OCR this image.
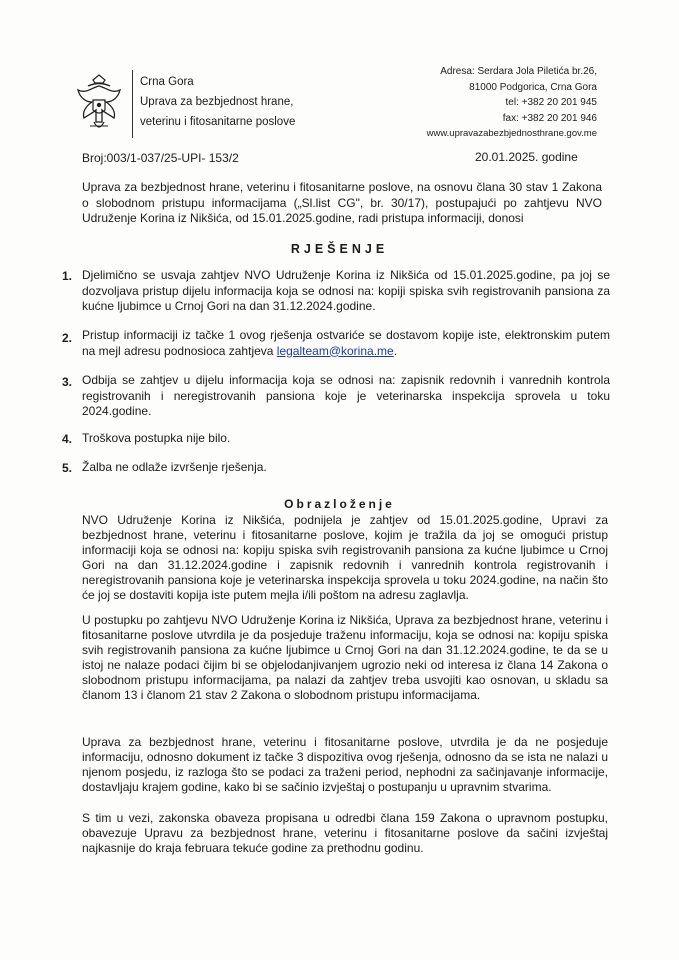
Crna Gora
Uprava za bezbjednost hrane,
veterinu i fitosanitarne poslove
Adresa: Serdara Jola Piletića br.26,
81000 Podgorica, Crna Gora
tel: +382 20 201 945
fax: +382 20 201 946
www.upravazabezbjednosthrane.gov.me
Broj:003/1-037/25-UPI- 153/2	20.01.2025. godine
Uprava za bezbjednost hrane, veterinu i fitosanitarne poslove, na osnovu člana 30 stav 1 Zakona o slobodnom pristupu informacijama („Sl.list CG", br. 30/17), postupajući po zahtjevu NVO Udruženje Korina iz Nikšića, od 15.01.2025.godine, radi pristupa informaciji, donosi
RJEŠENJE
1. Djelimično se usvaja zahtjev NVO Udruženje Korina iz Nikšića od 15.01.2025.godine, pa joj se dozvoljava pristup dijelu informacija koja se odnosi na: kopiji spiska svih registrovanih pansiona za kućne ljubimce u Crnoj Gori na dan 31.12.2024.godine.
2. Pristup informaciji iz tačke 1 ovog rješenja ostvariće se dostavom kopije iste, elektronskim putem na mejl adresu podnosioca zahtjeva legalteam@korina.me.
3. Odbija se zahtjev u dijelu informacija koja se odnosi na: zapisnik redovnih i vanrednih kontrola registrovanih i neregistrovanih pansiona koje je veterinarska inspekcija sprovela u toku 2024.godine.
4. Troškova postupka nije bilo.
5. Žalba ne odlaže izvršenje rješenja.
Obrazloženje
NVO Udruženje Korina iz Nikšića, podnijela je zahtjev od 15.01.2025.godine, Upravi za bezbjednost hrane, veterinu i fitosanitarne poslove, kojim je tražila da joj se omogući pristup informaciji koja se odnosi na: kopiju spiska svih registrovanih pansiona za kućne ljubimce u Crnoj Gori na dan 31.12.2024.godine i zapisnik redovnih i vanrednih kontrola registrovanih i neregistrovanih pansiona koje je veterinarska inspekcija sprovela u toku 2024.godine, na način što će joj se dostaviti kopija iste putem mejla i/ili poštom na adresu zaglavlja.
U postupku po zahtjevu NVO Udruženje Korina iz Nikšića, Uprava za bezbjednost hrane, veterinu i fitosanitarne poslove utvrdila je da posjeduje traženu informaciju, koja se odnosi na: kopiju spiska svih registrovanih pansiona za kućne ljubimce u Crnoj Gori na dan 31.12.2024.godine, te da se u istoj ne nalaze podaci čijim bi se objelodanjivanjem ugrozio neki od interesa iz člana 14 Zakona o slobodnom pristupu informacijama, pa nalazi da zahtjev treba usvojiti kao osnovan, u skladu sa članom 13 i članom 21 stav 2 Zakona o slobodnom pristupu informacijama.
Uprava za bezbjednost hrane, veterinu i fitosanitarne poslove, utvrdila je da ne posjeduje informaciju, odnosno dokument iz tačke 3 dispozitiva ovog rješenja, odnosno da se ista ne nalazi u njenom posjedu, iz razloga što se podaci za traženi period, nephodni za sačinjavanje informacije, dostavljaju krajem godine, kako bi se sačinio izvještaj o postupanju u upravnim stvarima.
S tim u vezi, zakonska obaveza propisana u odredbi člana 159 Zakona o upravnom postupku, obavezuje Upravu za bezbjednost hrane, veterinu i fitosanitarne poslove da sačini izvještaj najkasnije do kraja februara tekuće godine za prethodnu godinu.
